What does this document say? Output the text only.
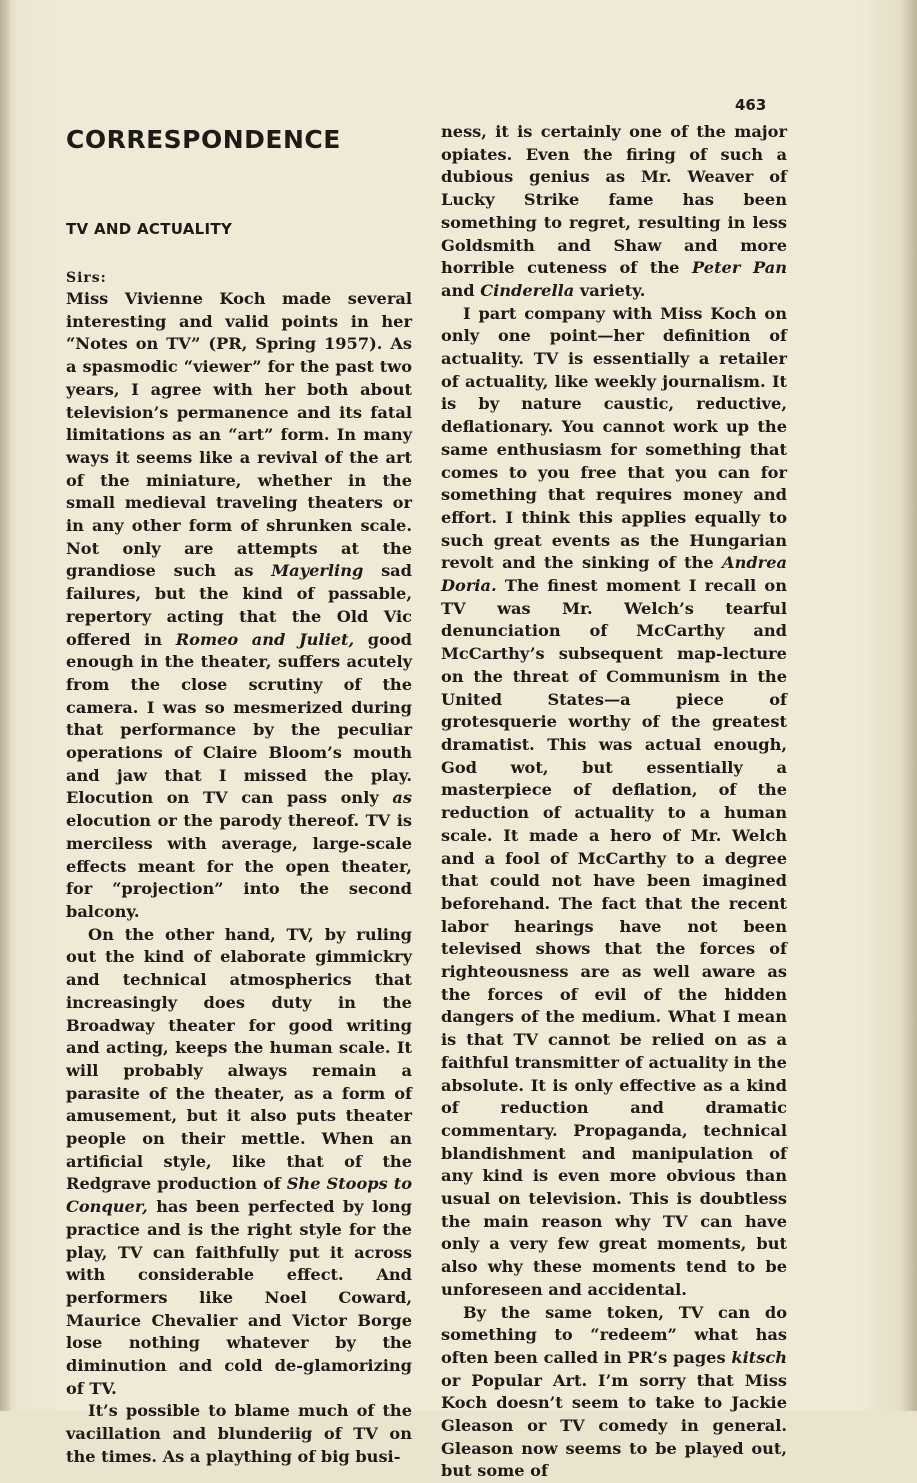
463
CORRESPONDENCE
TV AND ACTUALITY
Sirs:

Miss Vivienne Koch made several interesting and valid points in her “Notes on TV” (PR, Spring 1957). As a spasmodic “viewer” for the past two years, I agree with her both about television’s permanence and its fatal limitations as an “art” form. In many ways it seems like a revival of the art of the miniature, whether in the small medieval traveling theaters or in any other form of shrunken scale. Not only are attempts at the grandiose such as Mayerling sad failures, but the kind of passable, repertory acting that the Old Vic offered in Romeo and Juliet, good enough in the theater, suffers acutely from the close scrutiny of the camera. I was so mesmerized during that performance by the peculiar operations of Claire Bloom’s mouth and jaw that I missed the play. Elocution on TV can pass only as elocution or the parody thereof. TV is merciless with average, large-scale effects meant for the open theater, for “projection” into the second balcony.

On the other hand, TV, by ruling out the kind of elaborate gimmickry and technical atmospherics that increasingly does duty in the Broadway theater for good writing and acting, keeps the human scale. It will probably always remain a parasite of the theater, as a form of amusement, but it also puts theater people on their mettle. When an artificial style, like that of the Redgrave production of She Stoops to Conquer, has been perfected by long practice and is the right style for the play, TV can faithfully put it across with considerable effect. And performers like Noel Coward, Maurice Chevalier and Victor Borge lose nothing whatever by the diminution and cold de-glamorizing of TV.

It’s possible to blame much of the vacillation and blunderiig of TV on the times. As a plaything of big busi-

ness, it is certainly one of the major opiates. Even the firing of such a dubious genius as Mr. Weaver of Lucky Strike fame has been something to regret, resulting in less Goldsmith and Shaw and more horrible cuteness of the Peter Pan and Cinderella variety.

I part company with Miss Koch on only one point—her definition of actuality. TV is essentially a retailer of actuality, like weekly journalism. It is by nature caustic, reductive, deflationary. You cannot work up the same enthusiasm for something that comes to you free that you can for something that requires money and effort. I think this applies equally to such great events as the Hungarian revolt and the sinking of the Andrea Doria. The finest moment I recall on TV was Mr. Welch’s tearful denunciation of McCarthy and McCarthy’s subsequent map-lecture on the threat of Communism in the United States—a piece of grotesquerie worthy of the greatest dramatist. This was actual enough, God wot, but essentially a masterpiece of deflation, of the reduction of actuality to a human scale. It made a hero of Mr. Welch and a fool of McCarthy to a degree that could not have been imagined beforehand. The fact that the recent labor hearings have not been televised shows that the forces of righteousness are as well aware as the forces of evil of the hidden dangers of the medium. What I mean is that TV cannot be relied on as a faithful transmitter of actuality in the absolute. It is only effective as a kind of reduction and dramatic commentary. Propaganda, technical blandishment and manipulation of any kind is even more obvious than usual on television. This is doubtless the main reason why TV can have only a very few great moments, but also why these moments tend to be unforeseen and accidental.

By the same token, TV can do something to “redeem” what has often been called in PR’s pages kitsch or Popular Art. I’m sorry that Miss Koch doesn’t seem to take to Jackie Gleason or TV comedy in general. Gleason now seems to be played out, but some of
